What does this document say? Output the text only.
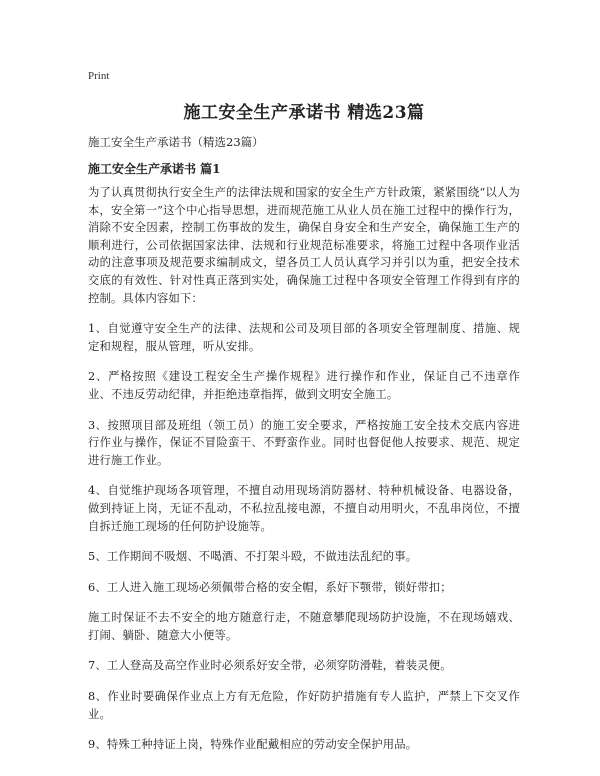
Print
施工安全生产承诺书 精选23篇

施工安全生产承诺书（精选23篇）

施工安全生产承诺书 篇1

为了认真贯彻执行安全生产的法律法规和国家的安全生产方针政策，紧紧围绕“以人为本，安全第一”这个中心指导思想，进而规范施工从业人员在施工过程中的操作行为，消除不安全因素，控制工伤事故的发生，确保自身安全和生产安全，确保施工生产的顺利进行，公司依据国家法律、法规和行业规范标准要求，将施工过程中各项作业活动的注意事项及规范要求编制成文，望各员工人员认真学习并引以为重，把安全技术交底的有效性、针对性真正落到实处，确保施工过程中各项安全管理工作得到有序的控制。具体内容如下：

1、自觉遵守安全生产的法律、法规和公司及项目部的各项安全管理制度、措施、规定和规程，服从管理，听从安排。

2、严格按照《建设工程安全生产操作规程》进行操作和作业，保证自己不违章作业、不违反劳动纪律，并拒绝违章指挥，做到文明安全施工。

3、按照项目部及班组（领工员）的施工安全要求，严格按施工安全技术交底内容进行作业与操作，保证不冒险蛮干、不野蛮作业。同时也督促他人按要求、规范、规定进行施工作业。

4、自觉维护现场各项管理，不擅自动用现场消防器材、特种机械设备、电器设备，做到持证上岗，无证不乱动，不私拉乱接电源，不擅自动用明火，不乱串岗位，不擅自拆迁施工现场的任何防护设施等。

5、工作期间不吸烟、不喝酒、不打架斗殴，不做违法乱纪的事。

6、工人进入施工现场必须佩带合格的安全帽，系好下颚带，锁好带扣；

施工时保证不去不安全的地方随意行走，不随意攀爬现场防护设施，不在现场嬉戏、打闹、躺卧、随意大小便等。

7、工人登高及高空作业时必须系好安全带，必须穿防滑鞋，着装灵便。

8、作业时要确保作业点上方有无危险，作好防护措施有专人监护，严禁上下交叉作业。

9、特殊工种持证上岗，特殊作业配戴相应的劳动安全保护用品。
